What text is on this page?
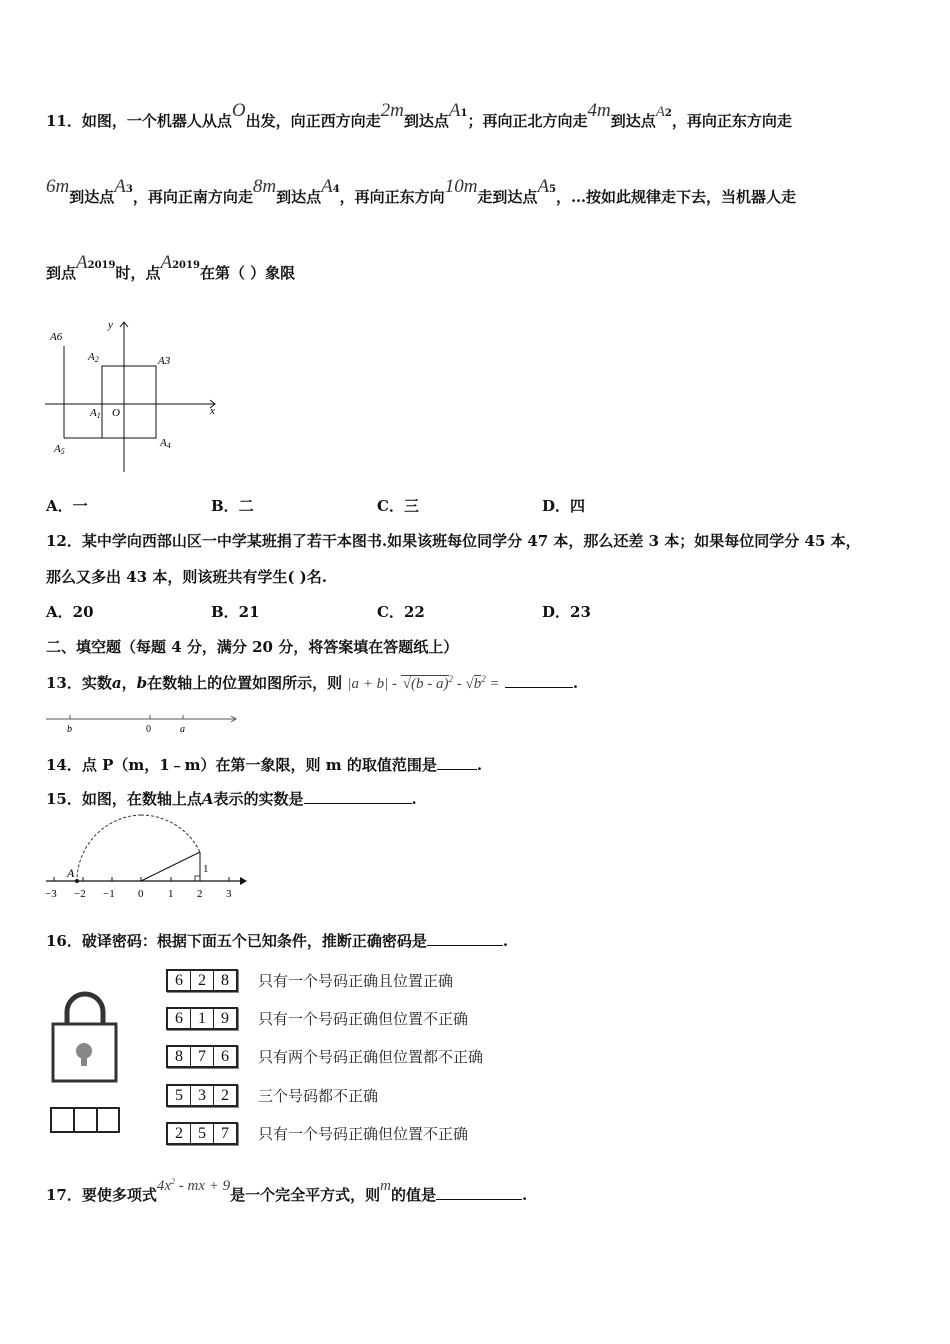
11．如图，一个机器人从点O出发，向正西方向走2m到达点$A^1$；再向正北方向走4m到达点$A^2$，再向正东方向走
6m到达点$A^3$，再向正南方向走8m到达点$A^4$，再向正东方向10m走到达点$A^5$，…按如此规律走下去，当机器人走
到点$A^{2019}$时，点$A^{2019}$在第（ ）象限
A6
A2	A3
A1 O	x
y
A5
A4
A．一	B．二	C．三	D．四
12．某中学向西部山区一中学某班捐了若干本图书.如果该班每位同学分 47 本，那么还差 3 本；如果每位同学分 45 本，
那么又多出 43 本，则该班共有学生( )名.
A．20	B．21	C．22	D．23
二、填空题（每题 4 分，满分 20 分，将答案填在答题纸上）
13．实数a，b在数轴上的位置如图所示，则 $|a + b| - √(b - a)^2 - √b^2$ =	.
b	0	a
14．点 P（m，1﹣m）在第一象限，则 m 的取值范围是	.
15．如图，在数轴上点A表示的实数是	.
A	1
−3 −2 −1 0 1 2 3
16．破译密码：根据下面五个已知条件，推断正确密码是	.
6 2 8	只有一个号码正确且位置正确
6 1 9	只有一个号码正确但位置不正确
8 7 6	只有两个号码正确但位置都不正确
5 3 2	三个号码都不正确
2 5 7	只有一个号码正确但位置不正确
17．要使多项式$4x^2$ - mx + 9是一个完全平方式，则m的值是	.
